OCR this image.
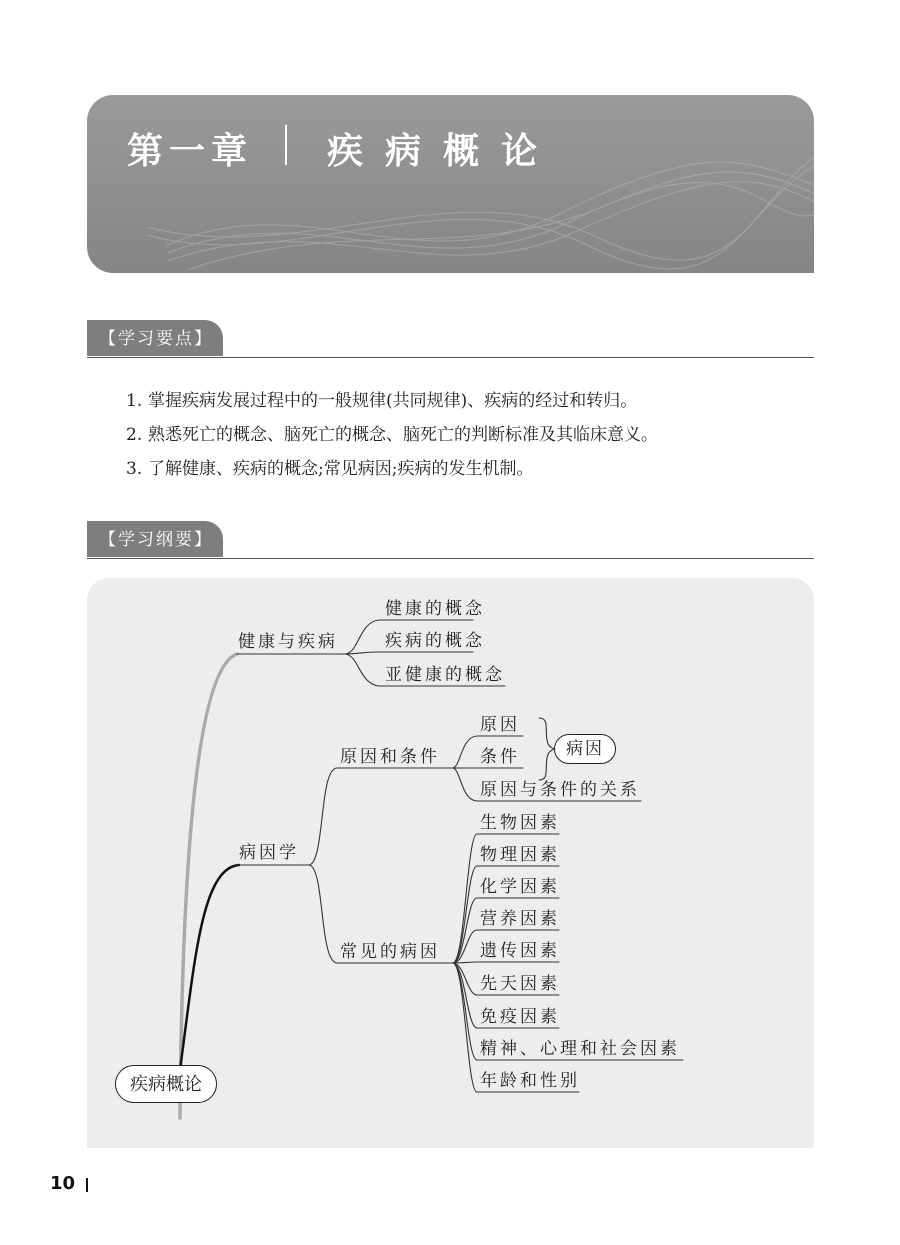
第一章 疾病概论
【学习要点】
1. 掌握疾病发展过程中的一般规律(共同规律)、疾病的经过和转归。
2. 熟悉死亡的概念、脑死亡的概念、脑死亡的判断标准及其临床意义。
3. 了解健康、疾病的概念;常见病因;疾病的发生机制。
【学习纲要】
健康与疾病
健康的概念
疾病的概念
亚健康的概念
病因学
原因和条件
原因
条件
原因与条件的关系
病因
常见的病因
生物因素
物理因素
化学因素
营养因素
遗传因素
先天因素
免疫因素
精神、心理和社会因素
年龄和性别
疾病概论
10
